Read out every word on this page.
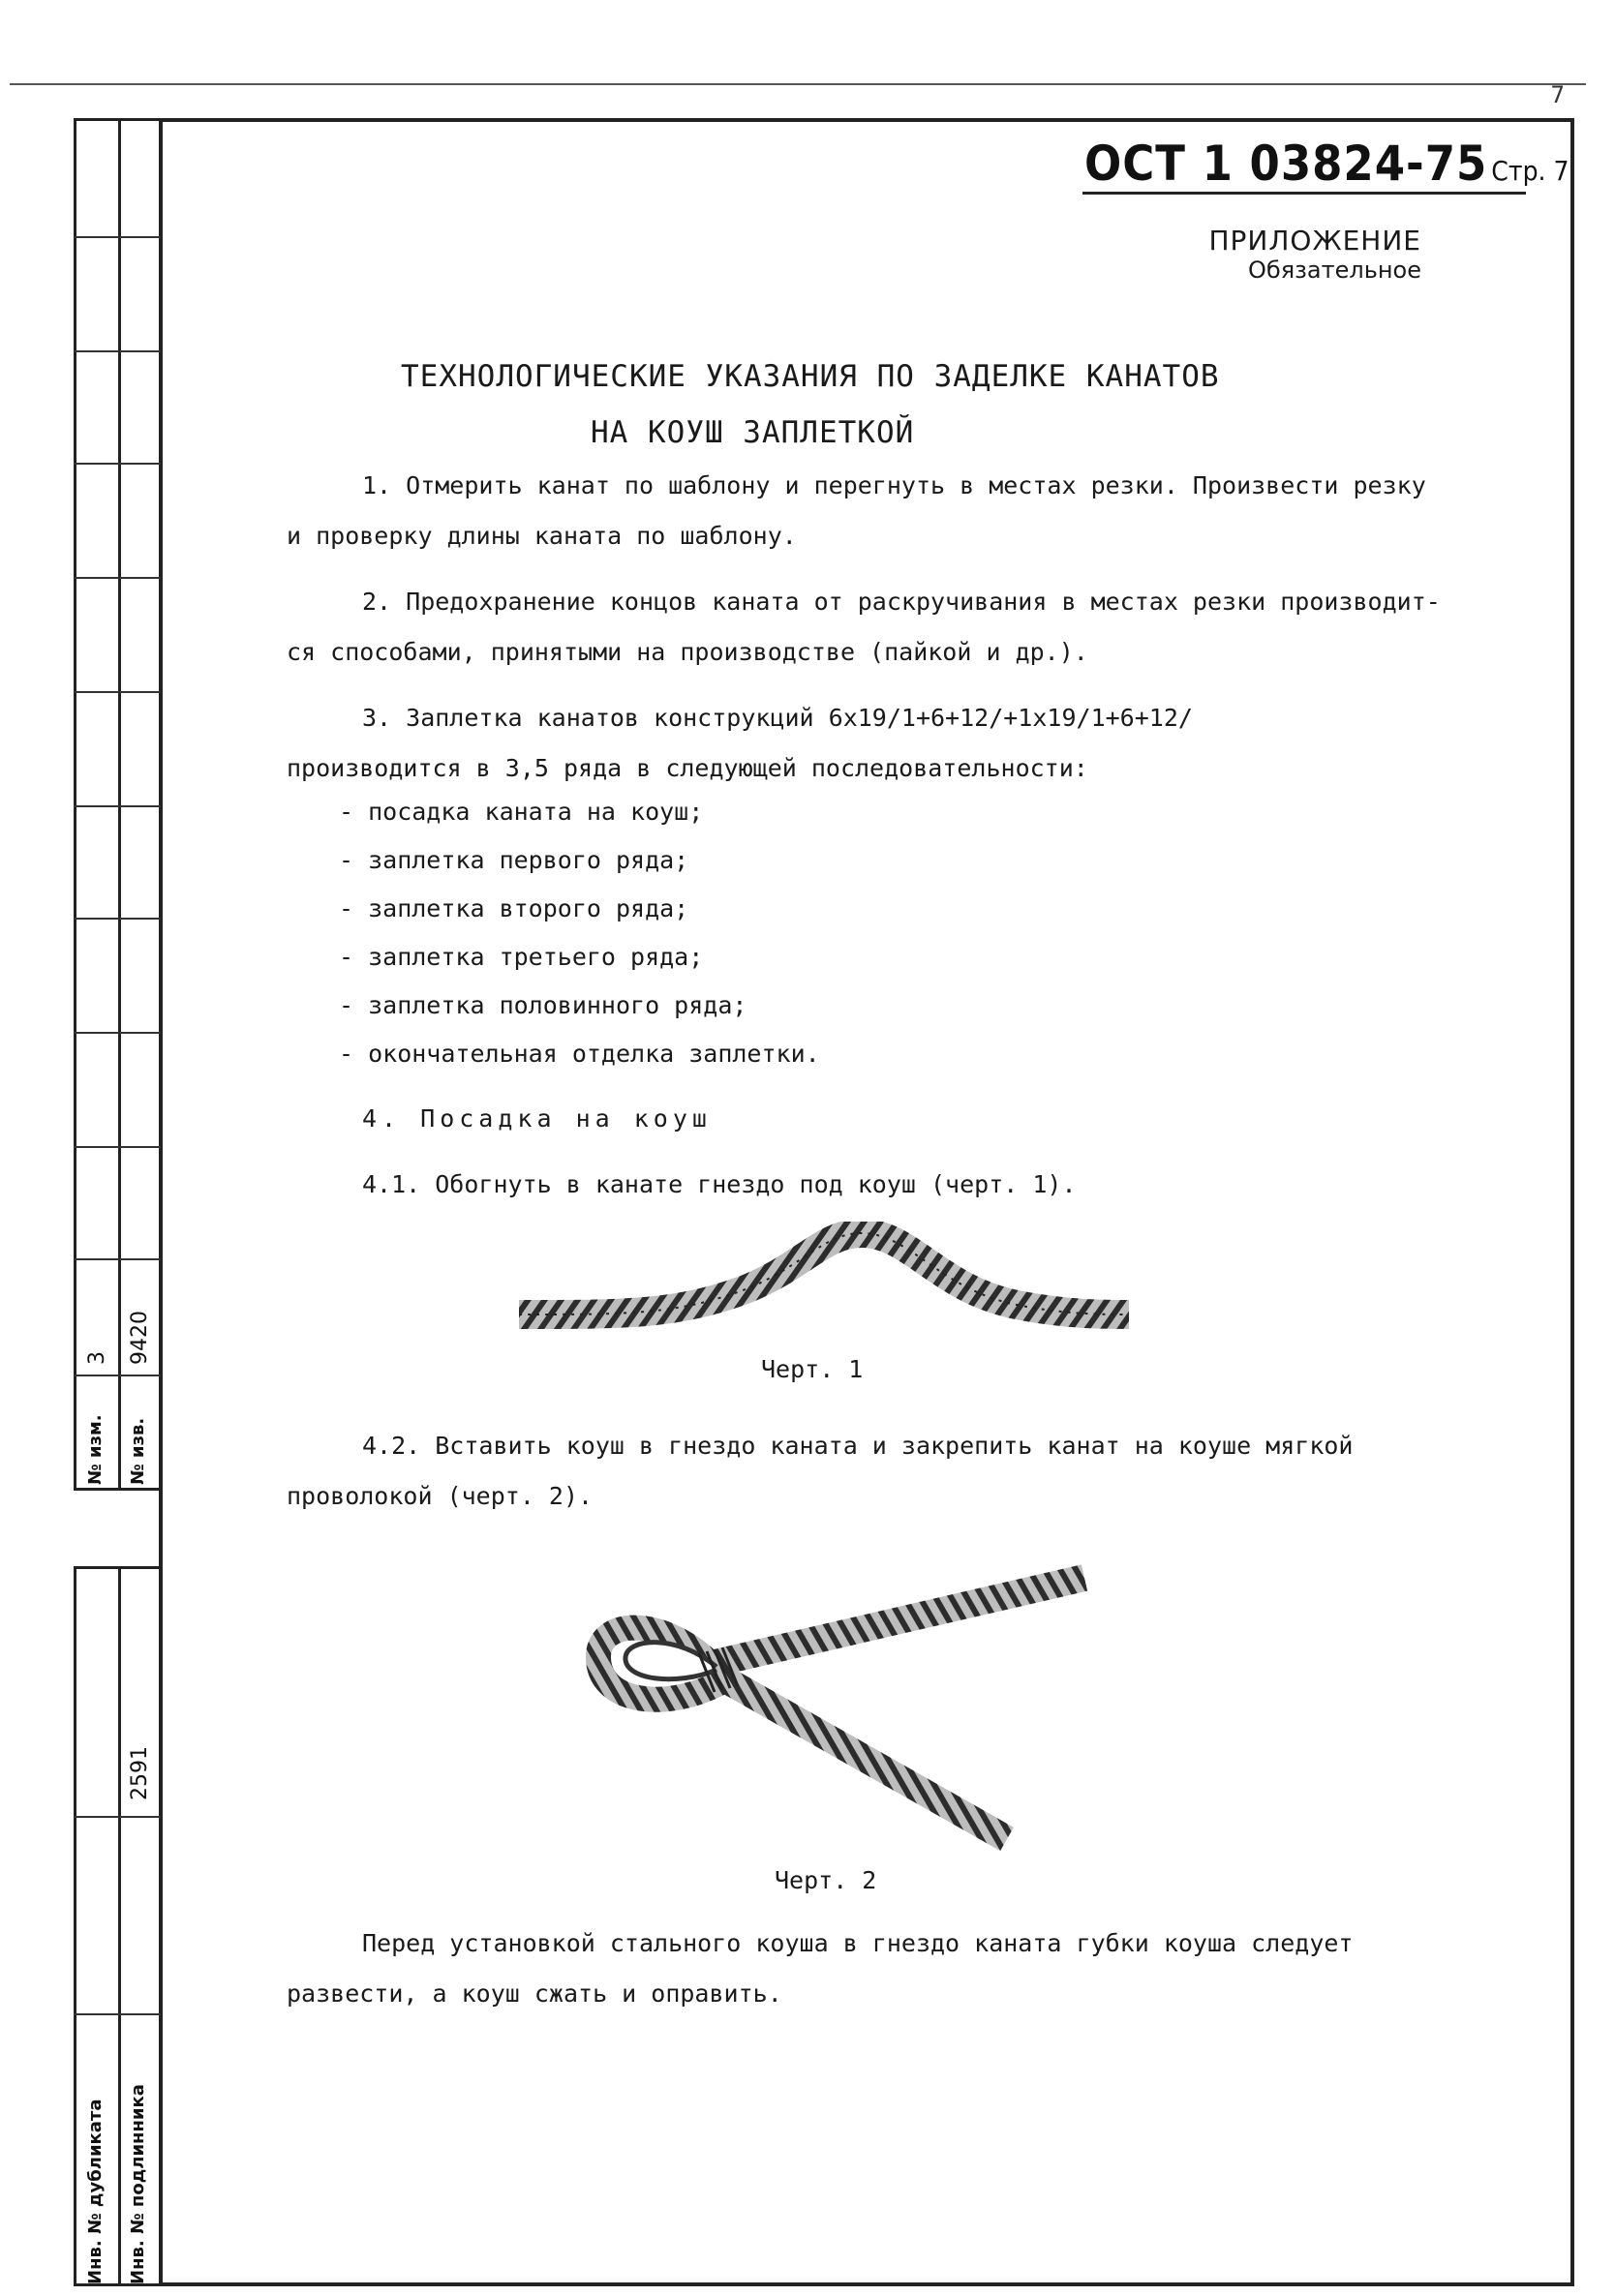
7
3 9420
№ изм. № изв.
2591
Инв. № дубликата Инв. № подлинника
ОСТ 1 03824-75 Стр. 7
ПРИЛОЖЕНИЕ
Обязательное
ТЕХНОЛОГИЧЕСКИЕ УКАЗАНИЯ ПО ЗАДЕЛКЕ КАНАТОВ
НА КОУШ ЗАПЛЕТКОЙ
1. Отмерить канат по шаблону и перегнуть в местах резки. Произвести резку
и проверку длины каната по шаблону.
2. Предохранение концов каната от раскручивания в местах резки производит-
ся способами, принятыми на производстве (пайкой и др.).
3. Заплетка канатов конструкций 6х19/1+6+12/+1х19/1+6+12/
производится в 3,5 ряда в следующей последовательности:
- посадка каната на коуш;
- заплетка первого ряда;
- заплетка второго ряда;
- заплетка третьего ряда;
- заплетка половинного ряда;
- окончательная отделка заплетки.
4. Посадка на коуш
4.1. Обогнуть в канате гнездо под коуш (черт. 1).
Черт. 1
4.2. Вставить коуш в гнездо каната и закрепить канат на коуше мягкой
проволокой (черт. 2).
Черт. 2
Перед установкой стального коуша в гнездо каната губки коуша следует
развести, а коуш сжать и оправить.
